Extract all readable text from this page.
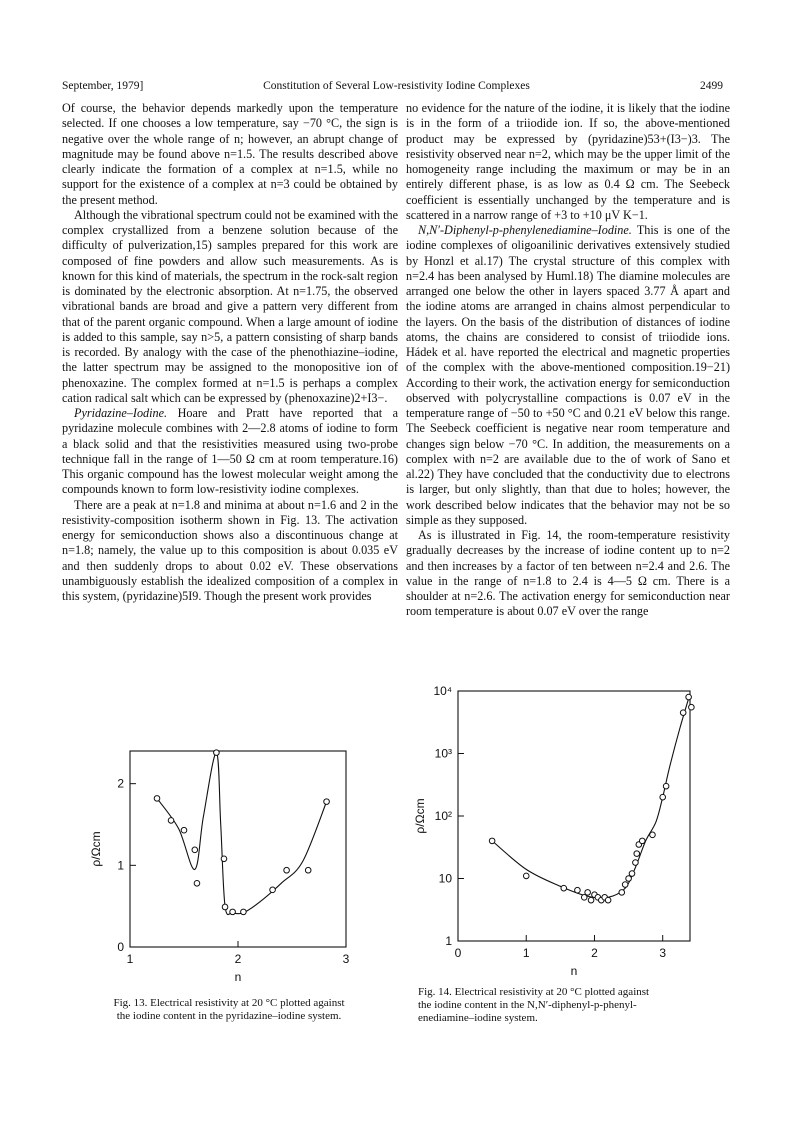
September, 1979]	Constitution of Several Low-resistivity Iodine Complexes	2499

Of course, the behavior depends markedly upon the temperature selected. If one chooses a low temperature, say −70 °C, the sign is negative over the whole range of n; however, an abrupt change of magnitude may be found above n=1.5. The results described above clearly indicate the formation of a complex at n=1.5, while no support for the existence of a complex at n=3 could be obtained by the present method.

Although the vibrational spectrum could not be examined with the complex crystallized from a benzene solution because of the difficulty of pulverization,15) samples prepared for this work are composed of fine powders and allow such measurements. As is known for this kind of materials, the spectrum in the rock-salt region is dominated by the electronic absorption. At n=1.75, the observed vibrational bands are broad and give a pattern very different from that of the parent organic compound. When a large amount of iodine is added to this sample, say n>5, a pattern consisting of sharp bands is recorded. By analogy with the case of the phenothiazine–iodine, the latter spectrum may be assigned to the monopositive ion of phenoxazine. The complex formed at n=1.5 is perhaps a complex cation radical salt which can be expressed by (phenoxazine)2+I3−.

Pyridazine–Iodine. Hoare and Pratt have reported that a pyridazine molecule combines with 2—2.8 atoms of iodine to form a black solid and that the resistivities measured using two-probe technique fall in the range of 1—50 Ω cm at room temperature.16) This organic compound has the lowest molecular weight among the compounds known to form low-resistivity iodine complexes.

There are a peak at n=1.8 and minima at about n=1.6 and 2 in the resistivity-composition isotherm shown in Fig. 13. The activation energy for semiconduction shows also a discontinuous change at n=1.8; namely, the value up to this composition is about 0.035 eV and then suddenly drops to about 0.02 eV. These observations unambiguously establish the idealized composition of a complex in this system, (pyridazine)5I9. Though the present work provides

no evidence for the nature of the iodine, it is likely that the iodine is in the form of a triiodide ion. If so, the above-mentioned product may be expressed by (pyridazine)53+(I3−)3. The resistivity observed near n=2, which may be the upper limit of the homogeneity range including the maximum or may be in an entirely different phase, is as low as 0.4 Ω cm. The Seebeck coefficient is essentially unchanged by the temperature and is scattered in a narrow range of +3 to +10 μV K−1.

N,N′-Diphenyl-p-phenylenediamine–Iodine. This is one of the iodine complexes of oligoanilinic derivatives extensively studied by Honzl et al.17) The crystal structure of this complex with n=2.4 has been analysed by Huml.18) The diamine molecules are arranged one below the other in layers spaced 3.77 Å apart and the iodine atoms are arranged in chains almost perpendicular to the layers. On the basis of the distribution of distances of iodine atoms, the chains are considered to consist of triiodide ions. Hádek et al. have reported the electrical and magnetic properties of the complex with the above-mentioned composition.19−21) According to their work, the activation energy for semiconduction observed with polycrystalline compactions is 0.07 eV in the temperature range of −50 to +50 °C and 0.21 eV below this range. The Seebeck coefficient is negative near room temperature and changes sign below −70 °C. In addition, the measurements on a complex with n=2 are available due to the of work of Sano et al.22) They have concluded that the conductivity due to electrons is larger, but only slightly, than that due to holes; however, the work described below indicates that the behavior may not be so simple as they supposed.

As is illustrated in Fig. 14, the room-temperature resistivity gradually decreases by the increase of iodine content up to n=2 and then increases by a factor of ten between n=2.4 and 2.6. The value in the range of n=1.8 to 2.4 is 4—5 Ω cm. There is a shoulder at n=2.6. The activation energy for semiconduction near room temperature is about 0.07 eV over the range

1	2	3
0
1
2
n
ρ/Ωcm
0	1	2	3
1
10
10²
10³
10⁴
n
ρ/Ωcm
Fig. 13. Electrical resistivity at 20 °C plotted against
the iodine content in the pyridazine–iodine system.
Fig. 14. Electrical resistivity at 20 °C plotted against
the iodine content in the N,N′-diphenyl-p-phenyl-
enediamine–iodine system.
